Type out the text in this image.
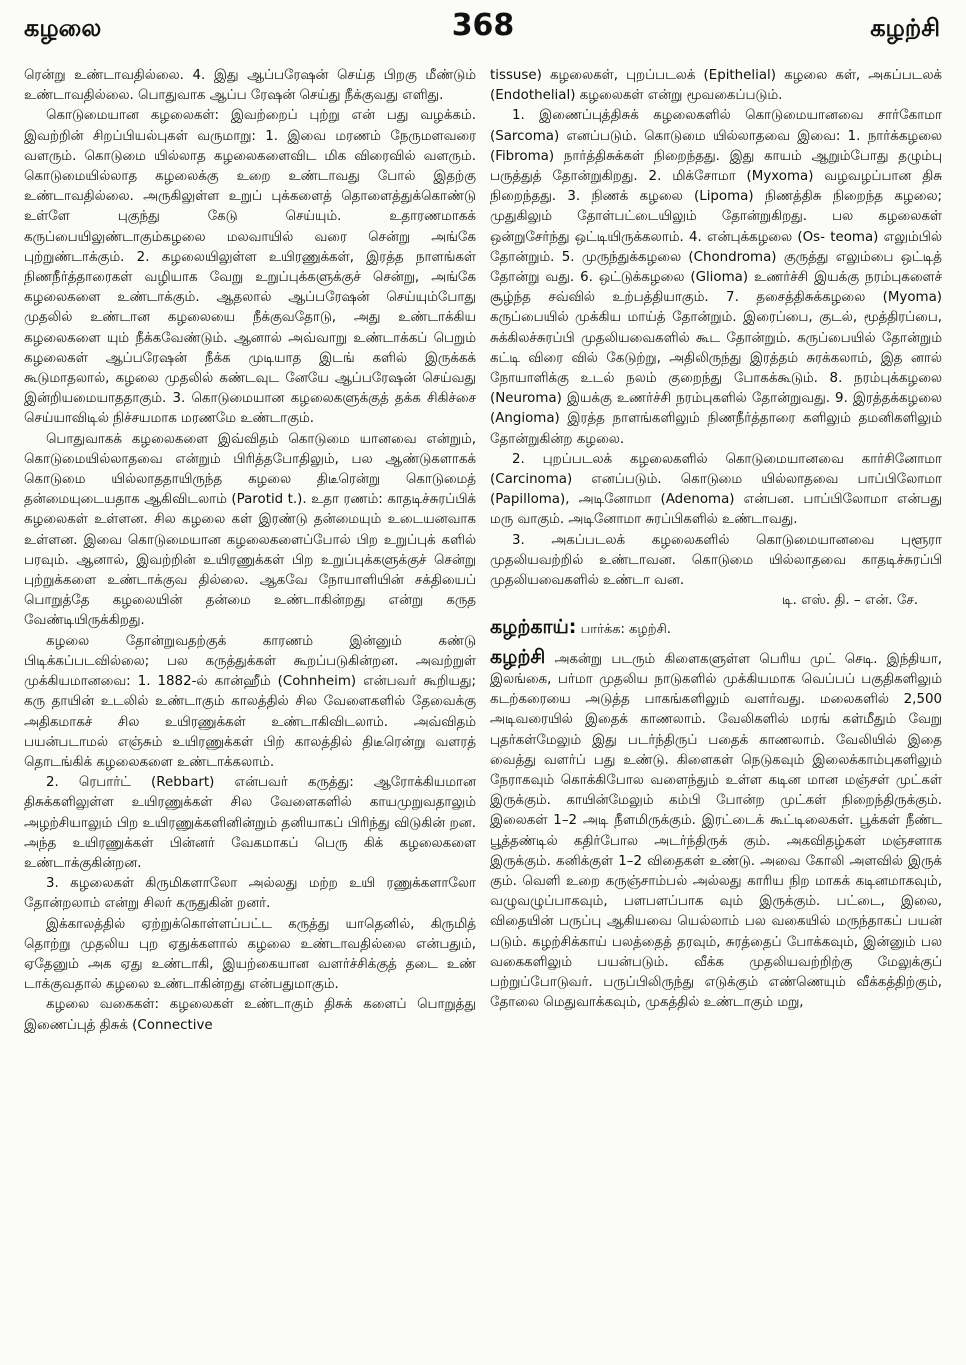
கழலை	368	கழற்சி

ரென்று உண்டாவதில்லை. 4. இது ஆப்பரேஷன் செய்த பிறகு மீண்டும் உண்டாவதில்லை. பொதுவாக ஆப்ப ரேஷன் செய்து நீக்குவது எளிது.

கொடுமையான கழலைகள்: இவற்றைப் புற்று என் பது வழக்கம். இவற்றின் சிறப்பியல்புகள் வருமாறு: 1. இவை மரணம் நேருமளவரை வளரும். கொடுமை யில்லாத கழலைகளைவிட மிக விரைவில் வளரும். கொடுமையில்லாத கழலைக்கு உறை உண்டாவது போல் இதற்கு உண்டாவதில்லை. அருகிலுள்ள உறுப் புக்களைத் தொளைத்துக்கொண்டு உள்ளே புகுந்து கேடு செய்யும். உதாரணமாகக் கருப்பையிலுண்டாகும்கழலை மலவாயில் வரை சென்று அங்கே புற்றுண்டாக்கும். 2. கழலையிலுள்ள உயிரணுக்கள், இரத்த நாளங்கள் நிணநீர்த்தாரைகள் வழியாக வேறு உறுப்புக்களுக்குச் சென்று, அங்கே கழலைகளை உண்டாக்கும். ஆதலால் ஆப்பரேஷன் செய்யும்போது முதலில் உண்டான கழலையை நீக்குவதோடு, அது உண்டாக்கிய கழலைகளை யும் நீக்கவேண்டும். ஆனால் அவ்வாறு உண்டாக்கப் பெறும் கழலைகள் ஆப்பரேஷன் நீக்க முடியாத இடங் களில் இருக்கக் கூடுமாதலால், கழலை முதலில் கண்டவுட னேயே ஆப்பரேஷன் செய்வது இன்றியமையாததாகும். 3. கொடுமையான கழலைகளுக்குத் தக்க சிகிச்சை செய்யாவிடில் நிச்சயமாக மரணமே உண்டாகும்.

பொதுவாகக் கழலைகளை இவ்விதம் கொடுமை யானவை என்றும், கொடுமையில்லாதவை என்றும் பிரித்தபோதிலும், பல ஆண்டுகளாகக் கொடுமை யில்லாததாயிருந்த கழலை திடீரென்று கொடுமைத் தன்மையுடையதாக ஆகிவிடலாம் (Parotid t.). உதா ரணம்: காதடிச்சுரப்பிக் கழலைகள் உள்ளன. சில கழலை கள் இரண்டு தன்மையும் உடையனவாக உள்ளன. இவை கொடுமையான கழலைகளைப்போல் பிற உறுப்புக் களில் பரவும். ஆனால், இவற்றின் உயிரணுக்கள் பிற உறுப்புக்களுக்குச் சென்று புற்றுக்களை உண்டாக்குவ தில்லை. ஆகவே நோயாளியின் சக்தியைப் பொறுத்தே கழலையின் தன்மை உண்டாகின்றது என்று கருத வேண்டியிருக்கிறது.

கழலை தோன்றுவதற்குக் காரணம் இன்னும் கண்டு பிடிக்கப்படவில்லை; பல கருத்துக்கள் கூறப்படுகின்றன. அவற்றுள் முக்கியமானவை: 1. 1882-ல் கான்ஹீம் (Cohnheim) என்பவர் கூறியது; கரு தாயின் உடலில் உண்டாகும் காலத்தில் சில வேளைகளில் தேவைக்கு அதிகமாகச் சில உயிரணுக்கள் உண்டாகிவிடலாம். அவ்விதம் பயன்படாமல் எஞ்சும் உயிரணுக்கள் பிற் காலத்தில் திடீரென்று வளரத் தொடங்கிக் கழலைகளை உண்டாக்கலாம்.

2. ரெபார்ட் (Rebbart) என்பவர் கருத்து: ஆரோக்கியமான திசுக்களிலுள்ள உயிரணுக்கள் சில வேளைகளில் காயமுறுவதாலும் அழற்சியாலும் பிற உயிரணுக்களினின்றும் தனியாகப் பிரிந்து விடுகின் றன. அந்த உயிரணுக்கள் பின்னர் வேகமாகப் பெரு கிக் கழலைகளை உண்டாக்குகின்றன.

3. கழலைகள் கிருமிகளாலோ அல்லது மற்ற உயி ரணுக்களாலோ தோன்றலாம் என்று சிலர் கருதுகின் றனர்.

இக்காலத்தில் ஏற்றுக்கொள்ளப்பட்ட கருத்து யாதெனில், கிருமித் தொற்று முதலிய புற ஏதுக்களால் கழலை உண்டாவதில்லை என்பதும், ஏதேனும் அக ஏது உண்டாகி, இயற்கையான வளர்ச்சிக்குத் தடை உண் டாக்குவதால் கழலை உண்டாகின்றது என்பதுமாகும்.

கழலை வகைகள்: கழலைகள் உண்டாகும் திசுக் களைப் பொறுத்து இணைப்புத் திசுக் (Connective

tissuse) கழலைகள், புறப்படலக் (Epithelial) கழலை கள், அகப்படலக் (Endothelial) கழலைகள் என்று மூவகைப்படும்.

1. இணைப்புத்திசுக் கழலைகளில் கொடுமையானவை சார்கோமா (Sarcoma) எனப்படும். கொடுமை யில்லாதவை இவை: 1. நார்க்கழலை (Fibroma) நார்த்திசுக்கள் நிறைந்தது. இது காயம் ஆறும்போது தழும்பு பருத்துத் தோன்றுகிறது. 2. மிக்சோமா (Myxoma) வழவழப்பான திசு நிறைந்தது. 3. நிணக் கழலை (Lipoma) நிணத்திசு நிறைந்த கழலை; முதுகிலும் தோள்பட்டையிலும் தோன்றுகிறது. பல கழலைகள் ஒன்றுசேர்ந்து ஒட்டியிருக்கலாம். 4. என்புக்கழலை (Os- teoma) எலும்பில் தோன்றும். 5. முருந்துக்கழலை (Chondroma) குருத்து எலும்பை ஒட்டித் தோன்று வது. 6. ஒட்டுக்கழலை (Glioma) உணர்ச்சி இயக்கு நரம்புகளைச் சூழ்ந்த சவ்வில் உற்பத்தியாகும். 7. தசைத்திசுக்கழலை (Myoma) கருப்பையில் முக்கிய மாய்த் தோன்றும். இரைப்பை, குடல், மூத்திரப்பை, சுக்கிலச்சுரப்பி முதலியவைகளில் கூட தோன்றும். கருப்பையில் தோன்றும் கட்டி விரை வில் கேடுற்று, அதிலிருந்து இரத்தம் சுரக்கலாம், இத னால் நோயாளிக்கு உடல் நலம் குறைந்து போகக்கூடும். 8. நரம்புக்கழலை (Neuroma) இயக்கு உணர்ச்சி நரம்புகளில் தோன்றுவது. 9. இரத்தக்கழலை (Angioma) இரத்த நாளங்களிலும் நிணநீர்த்தாரை களிலும் தமனிகளிலும் தோன்றுகின்ற கழலை.

2. புறப்படலக் கழலைகளில் கொடுமையானவை கார்சினோமா (Carcinoma) எனப்படும். கொடுமை யில்லாதவை பாப்பிலோமா (Papilloma), அடினோமா (Adenoma) என்பன. பாப்பிலோமா என்பது மரு வாகும். அடினோமா சுரப்பிகளில் உண்டாவது.

3. அகப்படலக் கழலைகளில் கொடுமையானவை புளூரா முதலியவற்றில் உண்டாவன. கொடுமை யில்லாதவை காதடிச்சுரப்பி முதலியவைகளில் உண்டா வன.

டி. எஸ். தி. – என். சே.

கழற்காய்: பார்க்க: கழற்சி.

கழற்சி அகன்று படரும் கிளைகளுள்ள பெரிய முட் செடி. இந்தியா, இலங்கை, பர்மா முதலிய நாடுகளில் முக்கியமாக வெப்பப் பகுதிகளிலும் கடற்கரையை அடுத்த பாகங்களிலும் வளர்வது. மலைகளில் 2,500 அடிவரையில் இதைக் காணலாம். வேலிகளில் மரங் கள்மீதும் வேறு புதர்கள்மேலும் இது படர்ந்திருப் பதைக் காணலாம். வேலியில் இதை வைத்து வளர்ப் பது உண்டு. கிளைகள் நெடுகவும் இலைக்காம்புகளிலும் நேராகவும் கொக்கிபோல வளைந்தும் உள்ள கடின மான மஞ்சள் முட்கள் இருக்கும். காயின்மேலும் கம்பி போன்ற முட்கள் நிறைந்திருக்கும். இலைகள் 1–2 அடி நீளமிருக்கும். இரட்டைக் கூட்டிலைகள். பூக்கள் நீண்ட பூத்தண்டில் கதிர்போல அடர்ந்திருக் கும். அகவிதழ்கள் மஞ்சளாக இருக்கும். கனிக்குள் 1–2 விதைகள் உண்டு. அவை கோலி அளவில் இருக் கும். வெளி உறை கருஞ்சாம்பல் அல்லது காரிய நிற மாகக் கடினமாகவும், வழுவழுப்பாகவும், பளபளப்பாக வும் இருக்கும். பட்டை, இலை, விதையின் பருப்பு ஆகியவை யெல்லாம் பல வகையில் மருந்தாகப் பயன் படும். கழற்சிக்காய் பலத்தைத் தரவும், சுரத்தைப் போக்கவும், இன்னும் பல வகைகளிலும் பயன்படும். வீக்க முதலியவற்றிற்கு மேலுக்குப் பற்றுப்போடுவர். பருப்பிலிருந்து எடுக்கும் எண்ணெயும் வீக்கத்திற்கும், தோலை மெதுவாக்கவும், முகத்தில் உண்டாகும் மறு,
